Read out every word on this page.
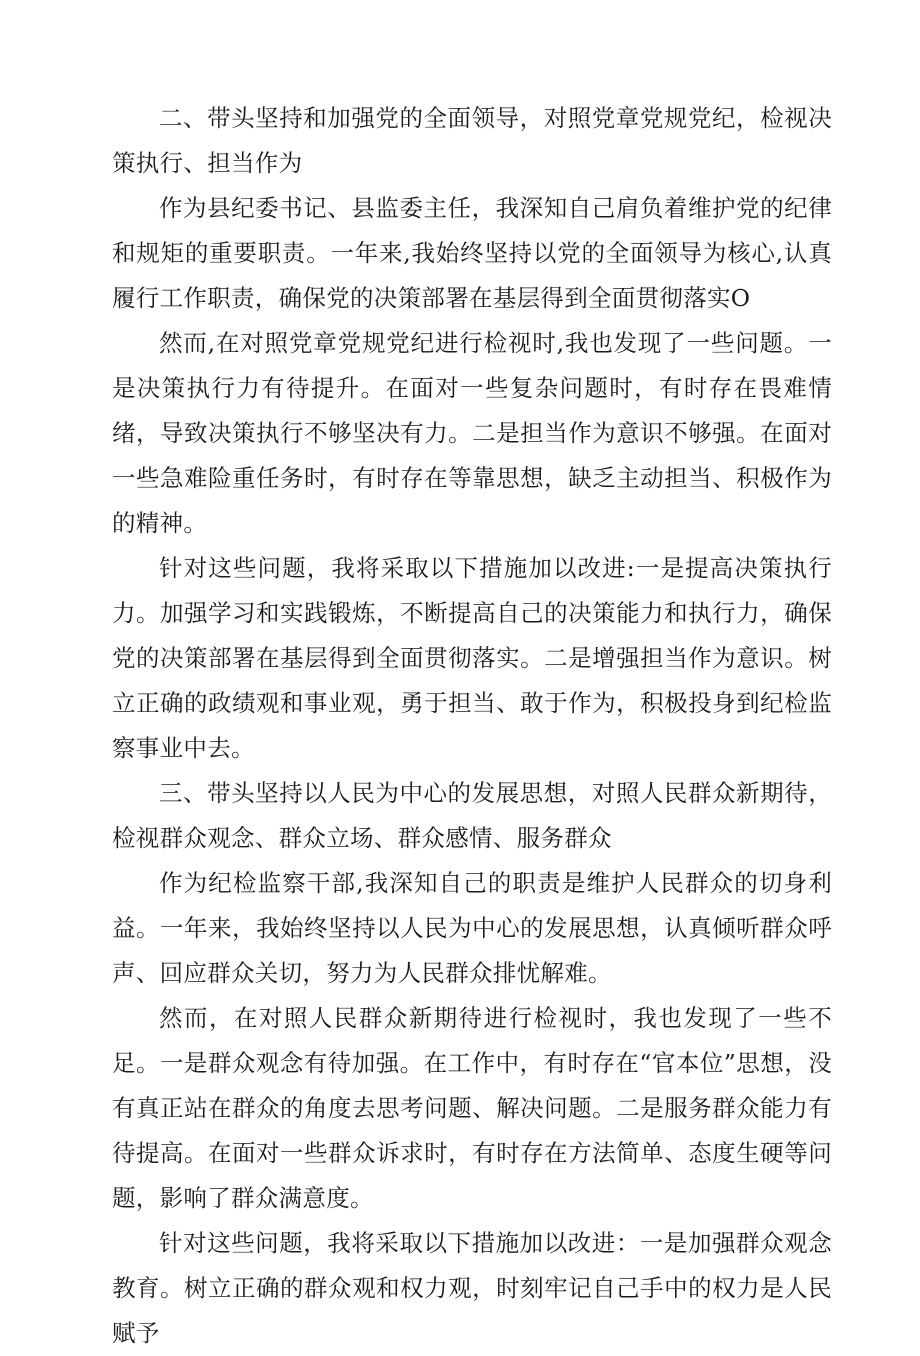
二、带头坚持和加强党的全面领导，对照党章党规党纪，检视决策执行、担当作为

作为县纪委书记、县监委主任，我深知自己肩负着维护党的纪律和规矩的重要职责。一年来,我始终坚持以党的全面领导为核心,认真履行工作职责，确保党的决策部署在基层得到全面贯彻落实O

然而,在对照党章党规党纪进行检视时,我也发现了一些问题。一是决策执行力有待提升。在面对一些复杂问题时，有时存在畏难情绪，导致决策执行不够坚决有力。二是担当作为意识不够强。在面对一些急难险重任务时，有时存在等靠思想，缺乏主动担当、积极作为的精神。

针对这些问题，我将采取以下措施加以改进:一是提高决策执行力。加强学习和实践锻炼，不断提高自己的决策能力和执行力，确保党的决策部署在基层得到全面贯彻落实。二是增强担当作为意识。树立正确的政绩观和事业观，勇于担当、敢于作为，积极投身到纪检监察事业中去。

三、带头坚持以人民为中心的发展思想，对照人民群众新期待，检视群众观念、群众立场、群众感情、服务群众

作为纪检监察干部,我深知自己的职责是维护人民群众的切身利益。一年来，我始终坚持以人民为中心的发展思想，认真倾听群众呼声、回应群众关切，努力为人民群众排忧解难。

然而，在对照人民群众新期待进行检视时，我也发现了一些不足。一是群众观念有待加强。在工作中，有时存在“官本位”思想，没有真正站在群众的角度去思考问题、解决问题。二是服务群众能力有待提高。在面对一些群众诉求时，有时存在方法简单、态度生硬等问题，影响了群众满意度。

针对这些问题，我将采取以下措施加以改进：一是加强群众观念教育。树立正确的群众观和权力观，时刻牢记自己手中的权力是人民赋予
